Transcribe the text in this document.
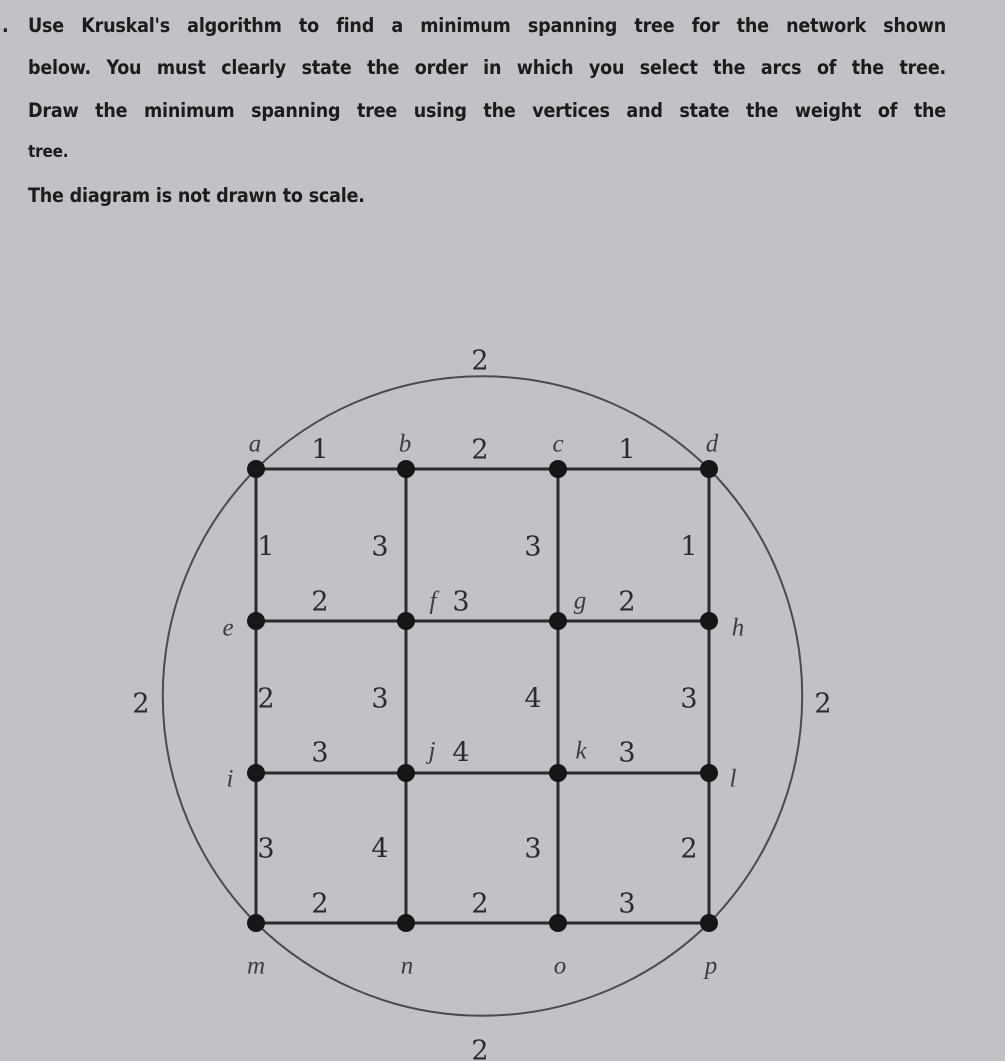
. Use Kruskal's algorithm to find a minimum spanning tree for the network shown
below. You must clearly state the order in which you select the arcs of the tree.
Draw the minimum spanning tree using the vertices and state the weight of the
tree.
The diagram is not drawn to scale.
2
2	2
2
1	2	1
1	3	3	1
2	3	2
2	3	4	3
3	4	3
3	4	3	2
2	2	3
a	b	c	d
e
f	g
h
i
j	k
l
m	n	o	p
